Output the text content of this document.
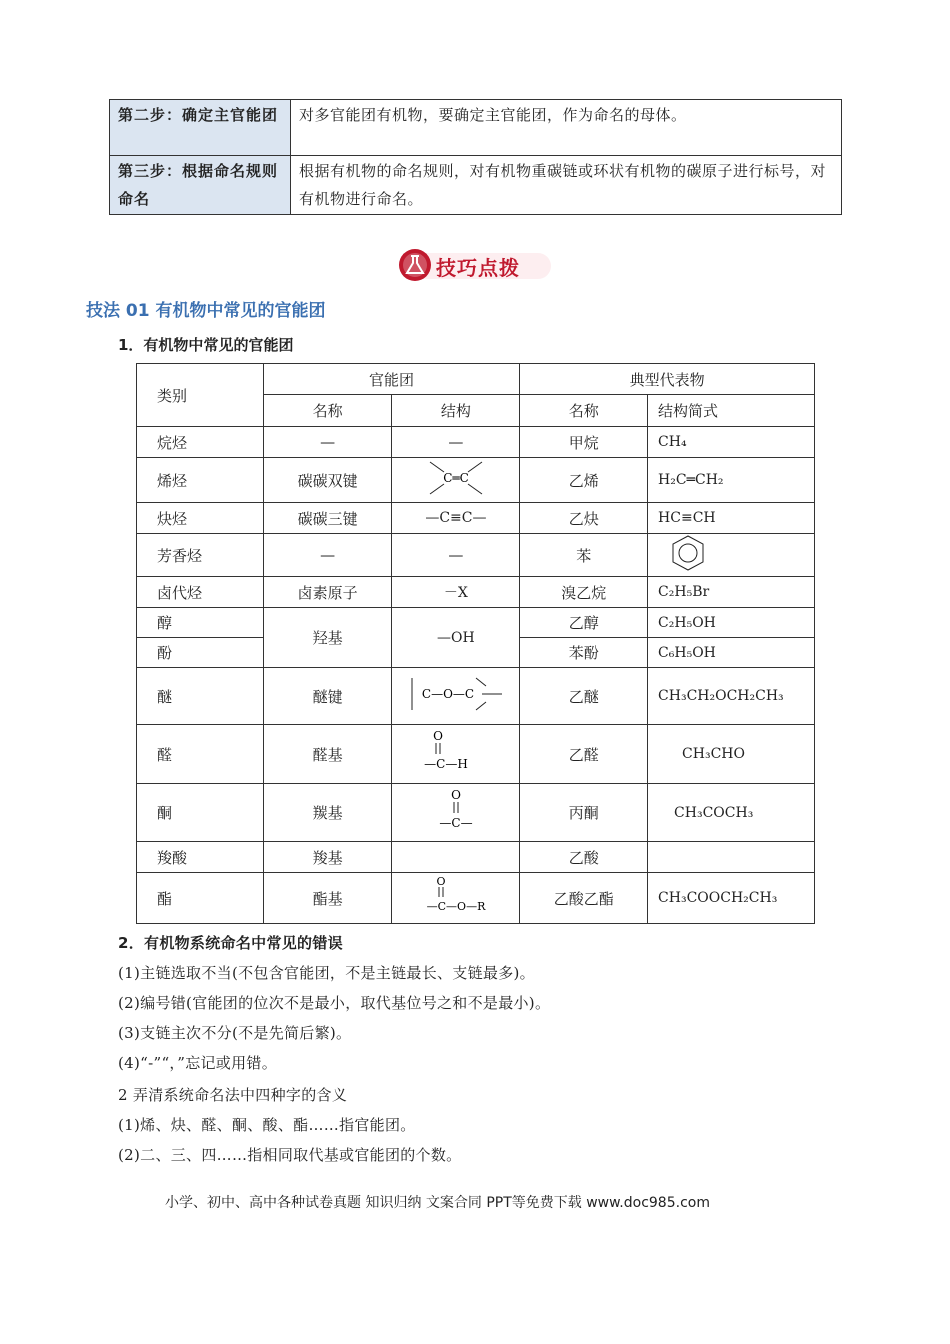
第二步：确定主官能团	对多官能团有机物，要确定主官能团，作为命名的母体。
第三步：根据命名规则命名	根据有机物的命名规则，对有机物重碳链或环状有机物的碳原子进行标号，对有机物进行命名。
技巧点拨
技法 01 有机物中常见的官能团
1．有机物中常见的官能团
类别	官能团		典型代表物	
	名称	结构	名称	结构简式
烷烃	—	—	甲烷	CH₄
烯烃	碳碳双键	C═C	乙烯	H₂C═CH₂
炔烃	碳碳三键	—C≡C—	乙炔	HC≡CH
芳香烃	—	—	苯	
卤代烃	卤素原子	－X	溴乙烷	C₂H₅Br
醇	羟基	—OH	乙醇	C₂H₅OH
酚			苯酚	C₆H₅OH
醚	醚键	C—O—C	乙醚	CH₃CH₂OCH₂CH₃
醛	醛基	O
—C—H	乙醛	CH₃CHO
酮	羰基	O
—C—	丙酮	CH₃COCH₃
羧酸	羧基		乙酸	
酯	酯基	O
—C—O—R	乙酸乙酯	CH₃COOCH₂CH₃
2．有机物系统命名中常见的错误
(1)主链选取不当(不包含官能团，不是主链最长、支链最多)。
(2)编号错(官能团的位次不是最小，取代基位号之和不是最小)。
(3)支链主次不分(不是先简后繁)。
(4)“-”“，”忘记或用错。
2 弄清系统命名法中四种字的含义
(1)烯、炔、醛、酮、酸、酯……指官能团。
(2)二、三、四……指相同取代基或官能团的个数。
小学、初中、高中各种试卷真题 知识归纳 文案合同 PPT等免费下载 www.doc985.com
